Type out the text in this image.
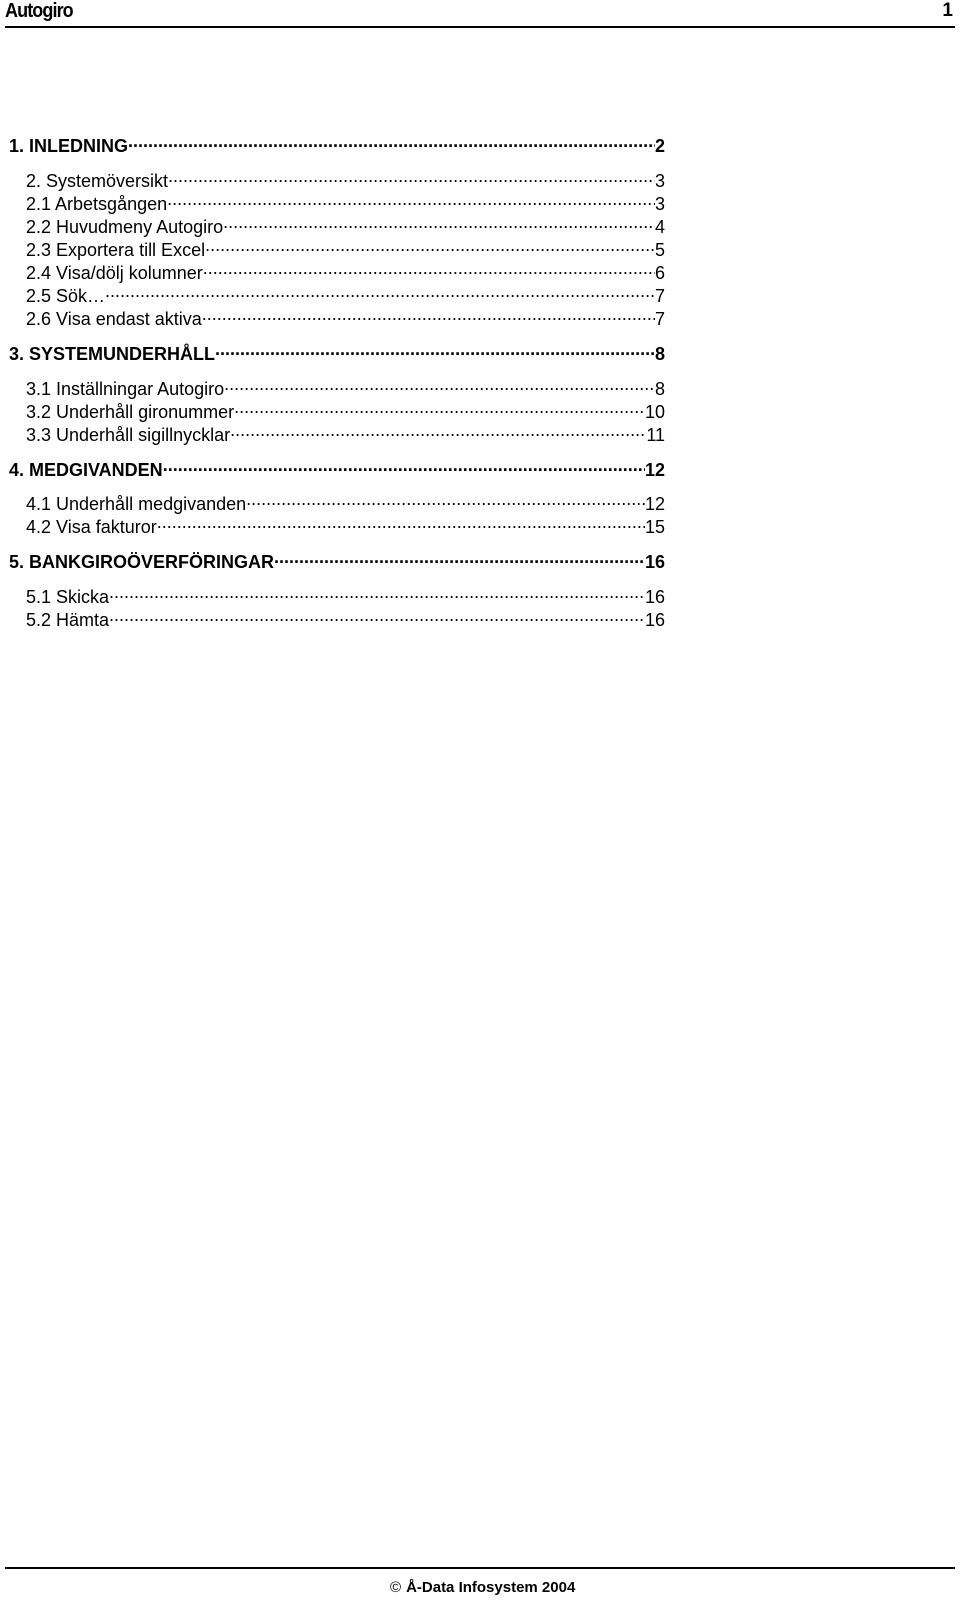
Autogiro	1
1. INLEDNING .....	2
2. Systemöversikt .....	3
2.1 Arbetsgången .....	3
2.2 Huvudmeny Autogiro .....	4
2.3 Exportera till Excel .....	5
2.4 Visa/dölj kolumner .....	6
2.5 Sök… .....	7
2.6 Visa endast aktiva .....	7
3. SYSTEMUNDERHÅLL .....	8
3.1 Inställningar Autogiro .....	8
3.2 Underhåll gironummer .....	10
3.3 Underhåll sigillnycklar .....	11
4. MEDGIVANDEN .....	12
4.1 Underhåll medgivanden .....	12
4.2 Visa fakturor .....	15
5. BANKGIROÖVERFÖRINGAR .....	16
5.1 Skicka .....	16
5.2 Hämta .....	16
© Å-Data Infosystem 2004
